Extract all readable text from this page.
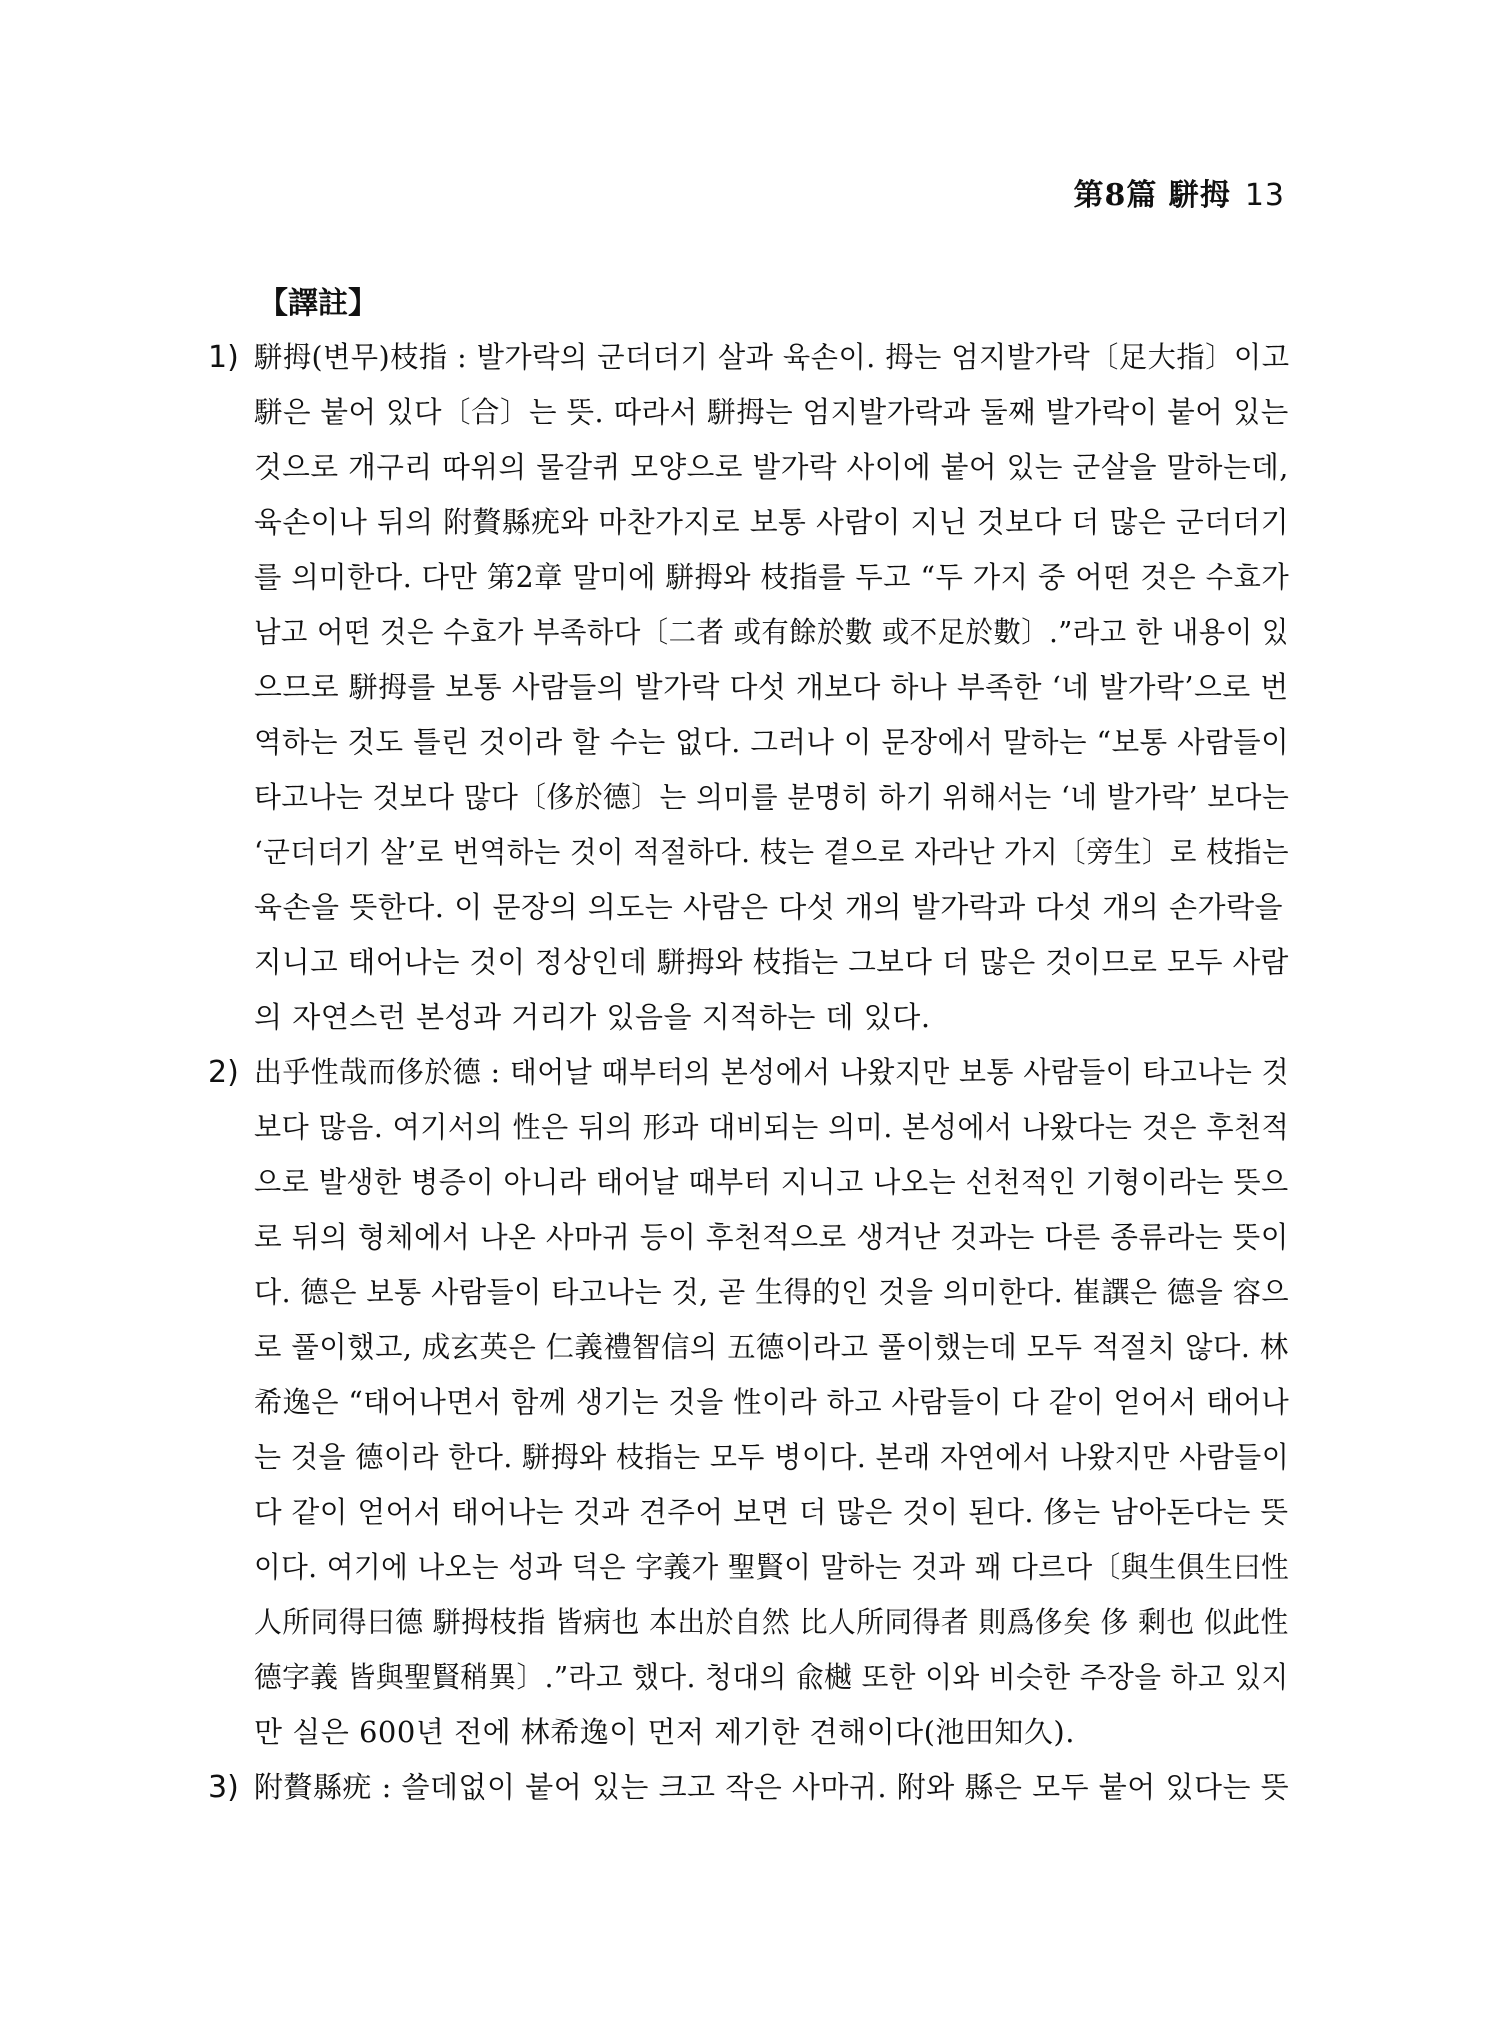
第8篇 駢拇 13
【譯註】
1) 駢拇(변무)枝指 : 발가락의 군더더기 살과 육손이. 拇는 엄지발가락〔足大指〕이고
駢은 붙어 있다〔合〕는 뜻. 따라서 駢拇는 엄지발가락과 둘째 발가락이 붙어 있는
것으로 개구리 따위의 물갈퀴 모양으로 발가락 사이에 붙어 있는 군살을 말하는데,
육손이나 뒤의 附贅縣疣와 마찬가지로 보통 사람이 지닌 것보다 더 많은 군더더기
를 의미한다. 다만 第2章 말미에 駢拇와 枝指를 두고 “두 가지 중 어떤 것은 수효가
남고 어떤 것은 수효가 부족하다〔二者 或有餘於數 或不足於數〕.”라고 한 내용이 있
으므로 駢拇를 보통 사람들의 발가락 다섯 개보다 하나 부족한 ‘네 발가락’으로 번
역하는 것도 틀린 것이라 할 수는 없다. 그러나 이 문장에서 말하는 “보통 사람들이
타고나는 것보다 많다〔侈於德〕는 의미를 분명히 하기 위해서는 ‘네 발가락’ 보다는
‘군더더기 살’로 번역하는 것이 적절하다. 枝는 곁으로 자라난 가지〔旁生〕로 枝指는
육손을 뜻한다. 이 문장의 의도는 사람은 다섯 개의 발가락과 다섯 개의 손가락을
지니고 태어나는 것이 정상인데 駢拇와 枝指는 그보다 더 많은 것이므로 모두 사람
의 자연스런 본성과 거리가 있음을 지적하는 데 있다.
2) 出乎性哉而侈於德 : 태어날 때부터의 본성에서 나왔지만 보통 사람들이 타고나는 것
보다 많음. 여기서의 性은 뒤의 形과 대비되는 의미. 본성에서 나왔다는 것은 후천적
으로 발생한 병증이 아니라 태어날 때부터 지니고 나오는 선천적인 기형이라는 뜻으
로 뒤의 형체에서 나온 사마귀 등이 후천적으로 생겨난 것과는 다른 종류라는 뜻이
다. 德은 보통 사람들이 타고나는 것, 곧 生得的인 것을 의미한다. 崔譔은 德을 容으
로 풀이했고, 成玄英은 仁義禮智信의 五德이라고 풀이했는데 모두 적절치 않다. 林
希逸은 “태어나면서 함께 생기는 것을 性이라 하고 사람들이 다 같이 얻어서 태어나
는 것을 德이라 한다. 駢拇와 枝指는 모두 병이다. 본래 자연에서 나왔지만 사람들이
다 같이 얻어서 태어나는 것과 견주어 보면 더 많은 것이 된다. 侈는 남아돈다는 뜻
이다. 여기에 나오는 성과 덕은 字義가 聖賢이 말하는 것과 꽤 다르다〔與生俱生曰性
人所同得曰德 駢拇枝指 皆病也 本出於自然 比人所同得者 則爲侈矣 侈 剩也 似此性
德字義 皆與聖賢稍異〕.”라고 했다. 청대의 兪樾 또한 이와 비슷한 주장을 하고 있지
만 실은 600년 전에 林希逸이 먼저 제기한 견해이다(池田知久).
3) 附贅縣疣 : 쓸데없이 붙어 있는 크고 작은 사마귀. 附와 縣은 모두 붙어 있다는 뜻
